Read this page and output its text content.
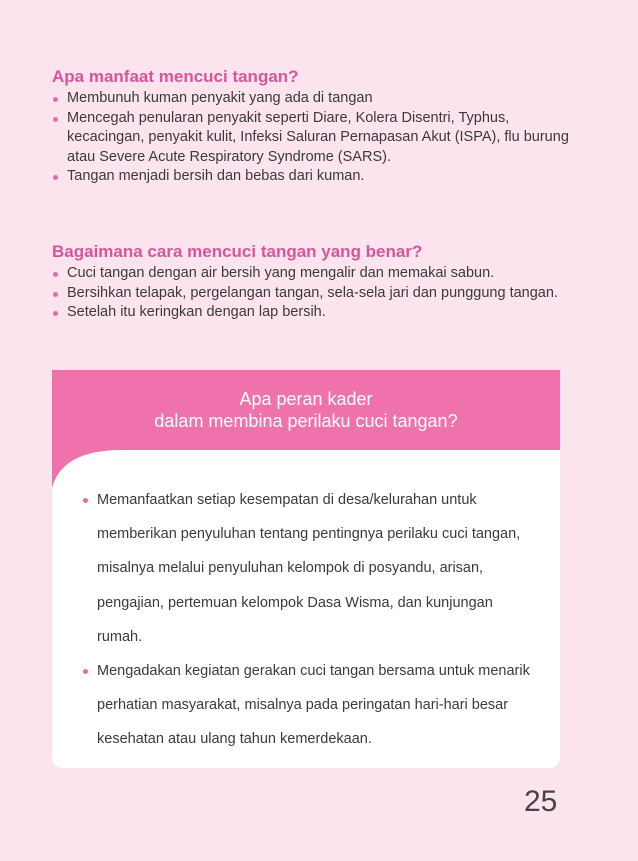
Apa manfaat mencuci tangan?
Membunuh kuman penyakit yang ada di tangan
Mencegah penularan penyakit seperti Diare, Kolera Disentri, Typhus, kecacingan, penyakit kulit, Infeksi Saluran Pernapasan Akut (ISPA), flu burung atau Severe Acute Respiratory Syndrome (SARS).
Tangan menjadi bersih dan bebas dari kuman.
Bagaimana cara mencuci tangan yang benar?
Cuci tangan dengan air bersih yang mengalir dan memakai sabun.
Bersihkan telapak, pergelangan tangan, sela-sela jari dan punggung tangan.
Setelah itu keringkan dengan lap bersih.
Apa peran kader
dalam membina perilaku cuci tangan?
Memanfaatkan setiap kesempatan di desa/kelurahan untuk memberikan penyuluhan tentang pentingnya perilaku cuci tangan, misalnya melalui penyuluhan kelompok di posyandu, arisan, pengajian, pertemuan kelompok Dasa Wisma, dan kunjungan rumah.
Mengadakan kegiatan gerakan cuci tangan bersama untuk menarik perhatian masyarakat, misalnya pada peringatan hari-hari besar kesehatan atau ulang tahun kemerdekaan.
25
